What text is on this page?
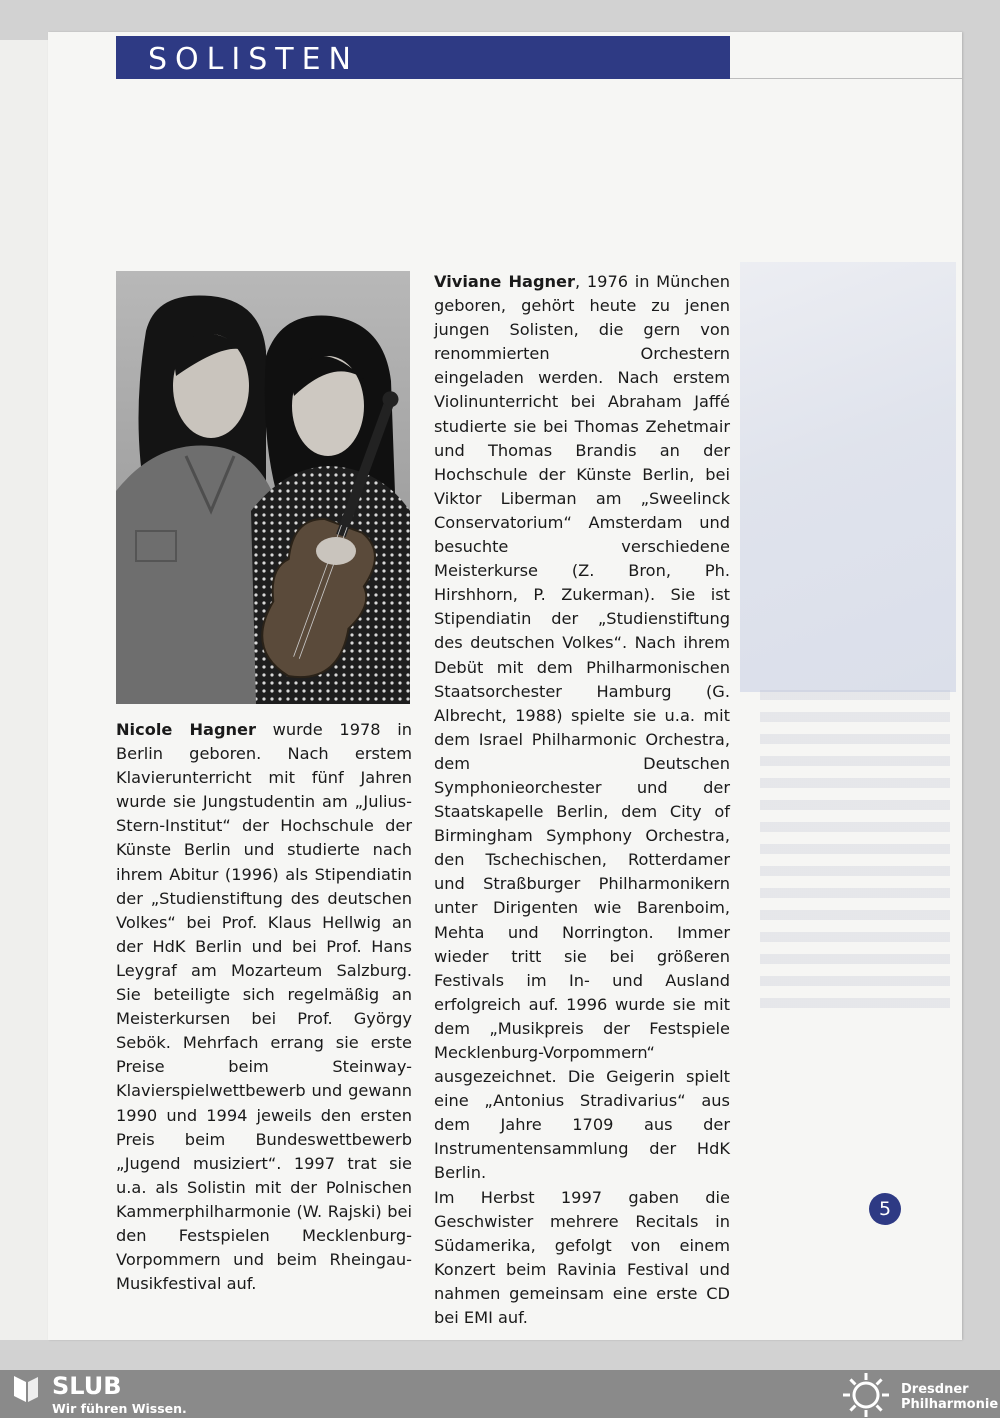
SOLISTEN

Nicole Hagner wurde 1978 in Berlin geboren. Nach erstem Klavierunterricht mit fünf Jahren wurde sie Jungstudentin am „Julius-Stern-Institut“ der Hochschule der Künste Berlin und studierte nach ihrem Abitur (1996) als Stipendiatin der „Studienstiftung des deutschen Volkes“ bei Prof. Klaus Hellwig an der HdK Berlin und bei Prof. Hans Leygraf am Mozarteum Salzburg. Sie beteiligte sich regelmäßig an Meisterkursen bei Prof. György Sebök. Mehrfach errang sie erste Preise beim Steinway-Klavierspielwettbewerb und gewann 1990 und 1994 jeweils den ersten Preis beim Bundeswettbewerb „Jugend musiziert“. 1997 trat sie u.a. als Solistin mit der Polnischen Kammerphilharmonie (W. Rajski) bei den Festspielen Mecklenburg-Vorpommern und beim Rheingau-Musikfestival auf.

Viviane Hagner, 1976 in München geboren, gehört heute zu jenen jungen Solisten, die gern von renommierten Orchestern eingeladen werden. Nach erstem Violinunterricht bei Abraham Jaffé studierte sie bei Thomas Zehetmair und Thomas Brandis an der Hochschule der Künste Berlin, bei Viktor Liberman am „Sweelinck Conservatorium“ Amsterdam und besuchte verschiedene Meisterkurse (Z. Bron, Ph. Hirshhorn, P. Zukerman). Sie ist Stipendiatin der „Studienstiftung des deutschen Volkes“. Nach ihrem Debüt mit dem Philharmonischen Staatsorchester Hamburg (G. Albrecht, 1988) spielte sie u.a. mit dem Israel Philharmonic Orchestra, dem Deutschen Symphonieorchester und der Staatskapelle Berlin, dem City of Birmingham Symphony Orchestra, den Tschechischen, Rotterdamer und Straßburger Philharmonikern unter Dirigenten wie Barenboim, Mehta und Norrington. Immer wieder tritt sie bei größeren Festivals im In- und Ausland erfolgreich auf. 1996 wurde sie mit dem „Musikpreis der Festspiele Mecklenburg-Vorpommern“ ausgezeichnet. Die Geigerin spielt eine „Antonius Stradivarius“ aus dem Jahre 1709 aus der Instrumentensammlung der HdK Berlin.

Im Herbst 1997 gaben die Geschwister mehrere Recitals in Südamerika, gefolgt von einem Konzert beim Ravinia Festival und nahmen gemeinsam eine erste CD bei EMI auf.

5
SLUB
Wir führen Wissen.
Dresdner
Philharmonie
